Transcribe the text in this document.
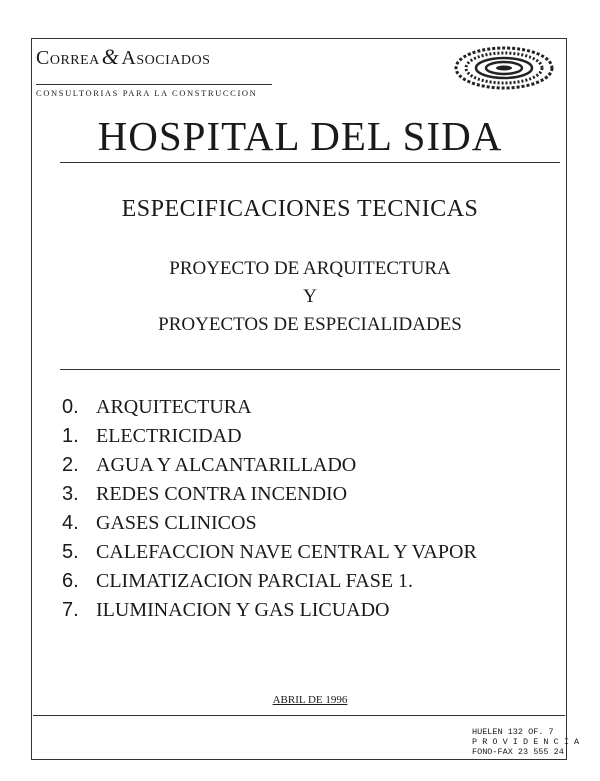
Correa& Asociados
CONSULTORIAS PARA LA CONSTRUCCION
HOSPITAL DEL SIDA
ESPECIFICACIONES TECNICAS
PROYECTO DE ARQUITECTURA
Y
PROYECTOS DE ESPECIALIDADES
0. ARQUITECTURA
1. ELECTRICIDAD
2. AGUA Y ALCANTARILLADO
3. REDES CONTRA INCENDIO
4. GASES CLINICOS
5. CALEFACCION NAVE CENTRAL Y VAPOR
6. CLIMATIZACION PARCIAL FASE 1.
7. ILUMINACION Y GAS LICUADO
ABRIL DE 1996
HUELEN 132 OF. 7
P R O V I D E N C I A
FONO-FAX 23 555 24
